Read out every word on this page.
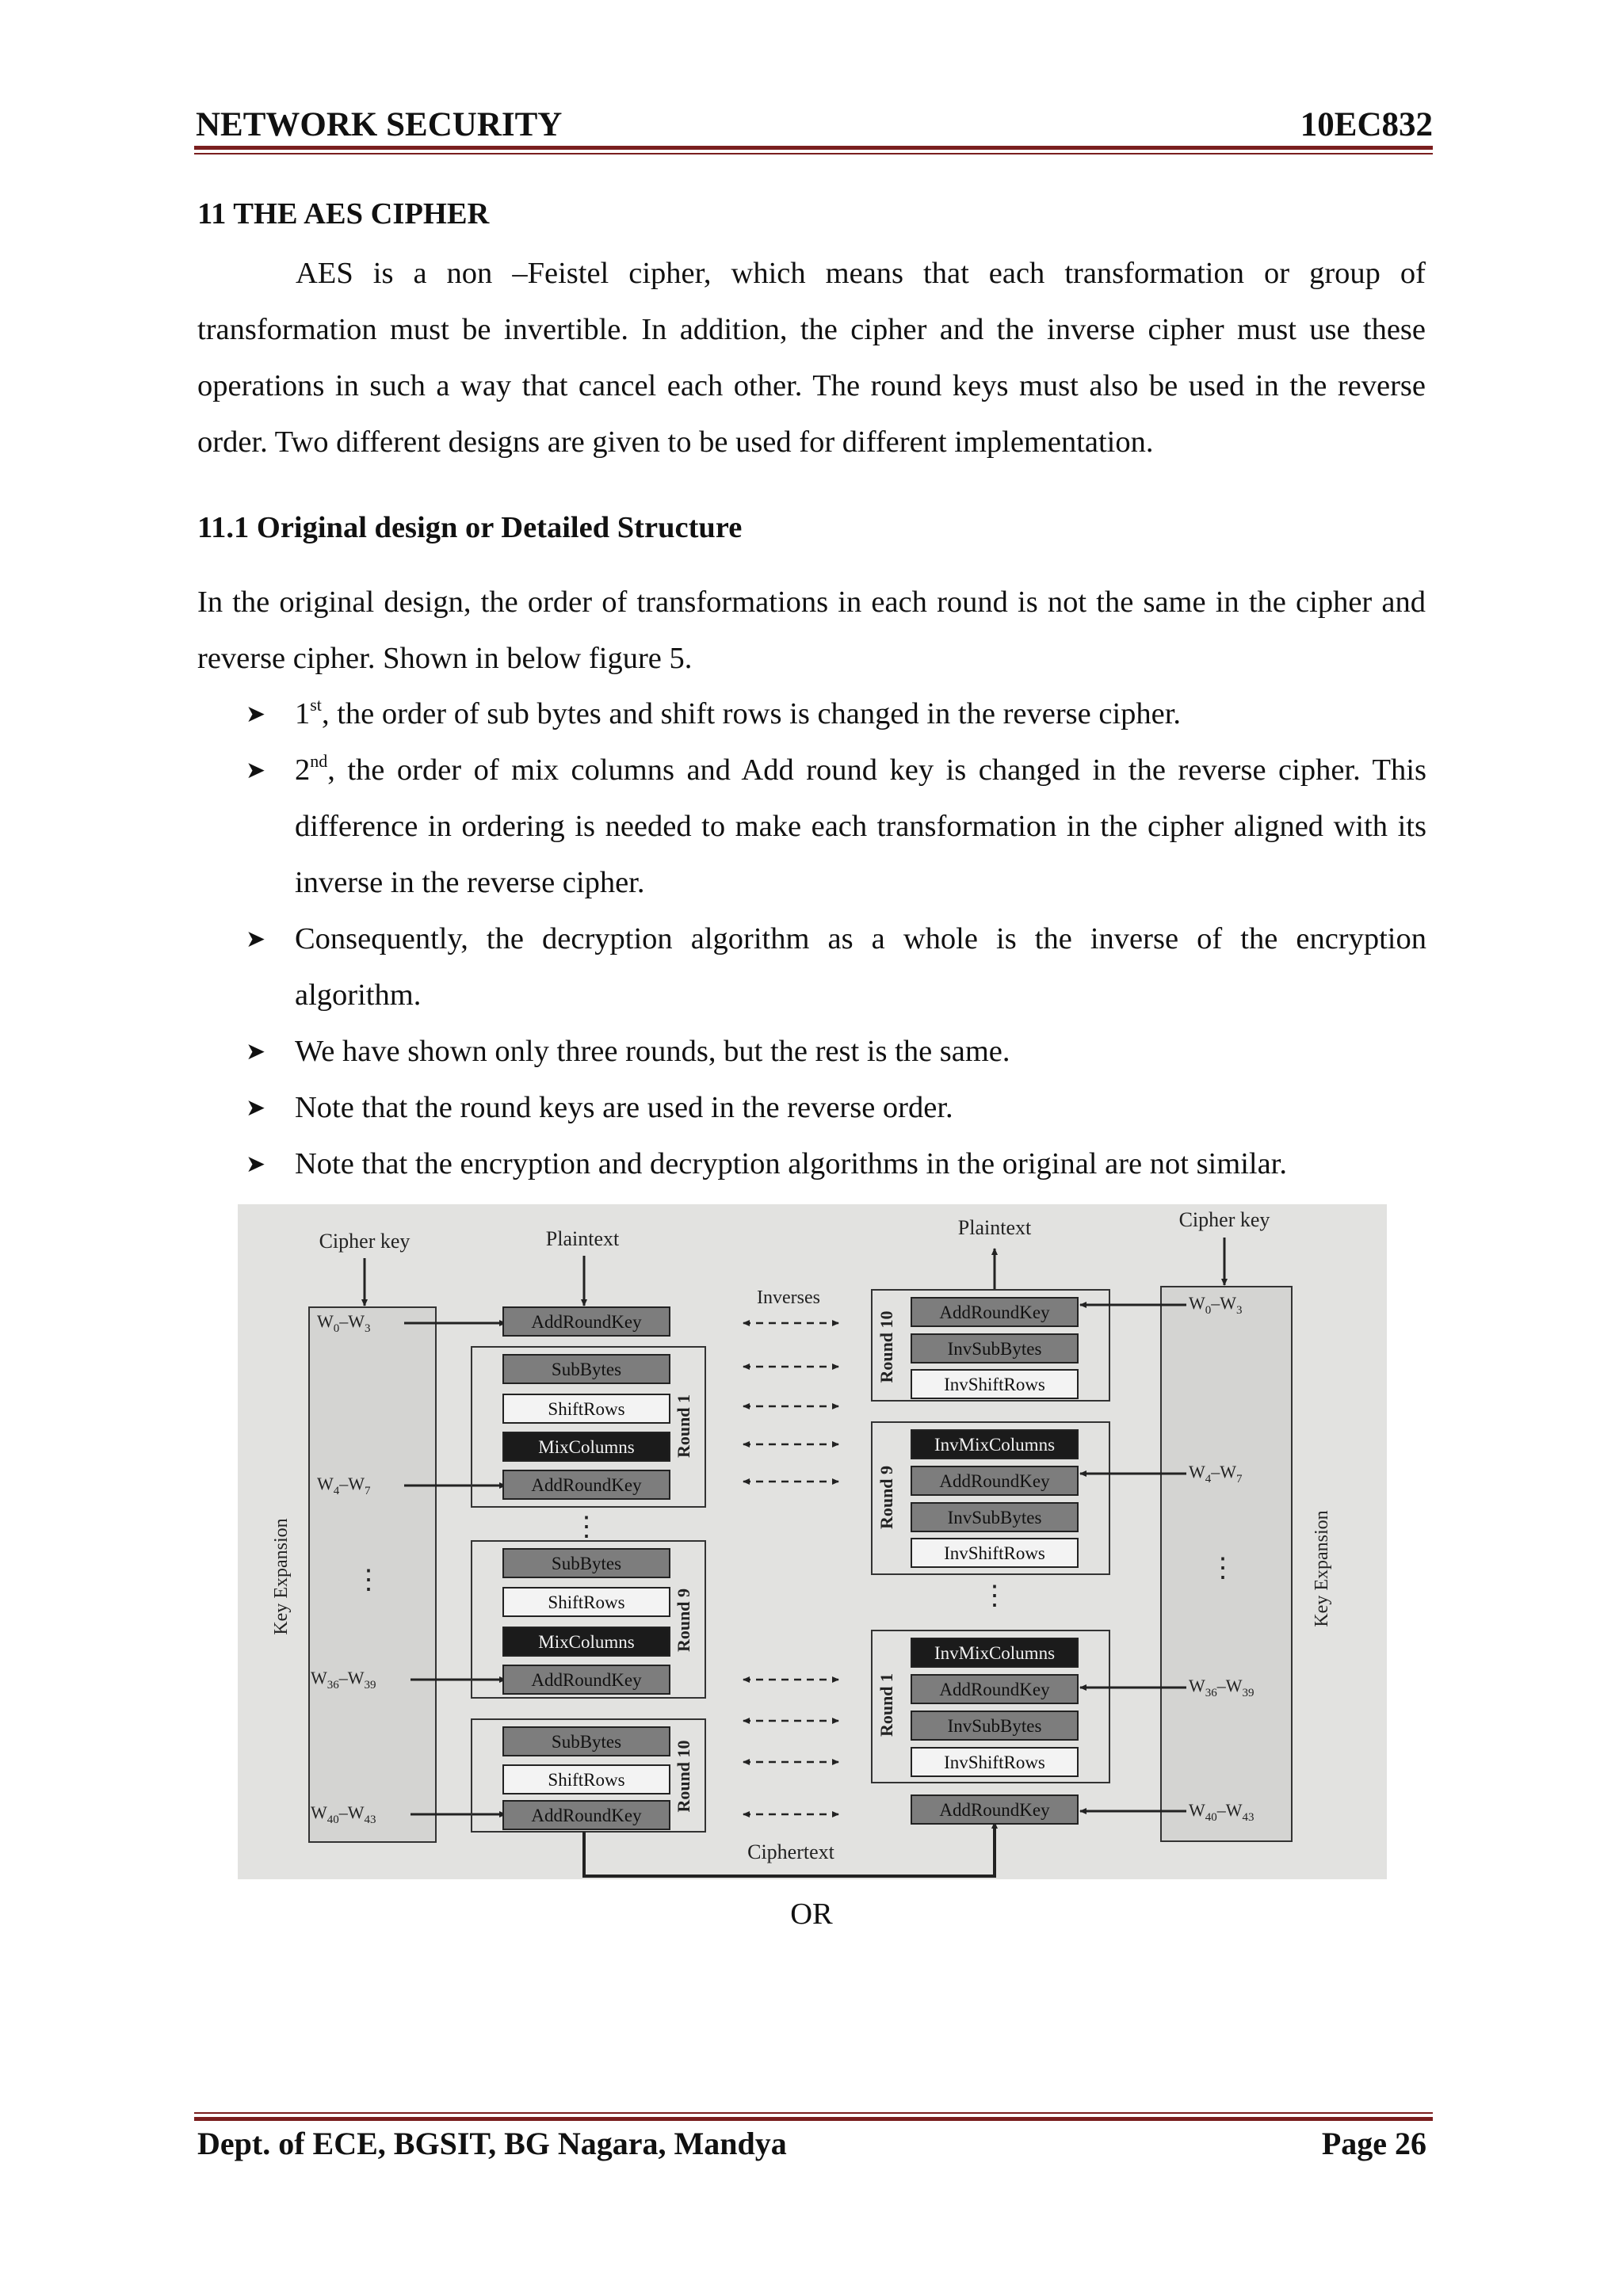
NETWORK SECURITY	10EC832
11 THE AES CIPHER
AES is a non –Feistel cipher, which means that each transformation or group of transformation must be invertible. In addition, the cipher and the inverse cipher must use these operations in such a way that cancel each other. The round keys must also be used in the reverse order. Two different designs are given to be used for different implementation.
11.1 Original design or Detailed Structure
In the original design, the order of transformations in each round is not the same in the cipher and reverse cipher. Shown in below figure 5.
➤ 1st, the order of sub bytes and shift rows is changed in the reverse cipher.
➤ 2nd, the order of mix columns and Add round key is changed in the reverse cipher. This difference in ordering is needed to make each transformation in the cipher aligned with its inverse in the reverse cipher.
➤ Consequently, the decryption algorithm as a whole is the inverse of the encryption algorithm.
➤ We have shown only three rounds, but the rest is the same.
➤ Note that the round keys are used in the reverse order.
➤ Note that the encryption and decryption algorithms in the original are not similar.
Cipher key
Key Expansion ⋮
$W_0-W_3$
$W_4-W_7$
$W_{36}-W_{39}$
$W_{40}-W_{43}$
Plaintext
AddRoundKey
Round 1
SubBytes
ShiftRows
MixColumns
AddRoundKey
⋮
Round 9
SubBytes
ShiftRows
MixColumns
AddRoundKey
Round 10
SubBytes
ShiftRows
AddRoundKey
Ciphertext
Inverses
Plaintext
Round 10 AddRoundKey
InvSubBytes
InvShiftRows
Round 9
InvMixColumns
AddRoundKey
InvSubBytes
InvShiftRows
⋮
Round 1
InvMixColumns
AddRoundKey
InvSubBytes
InvShiftRows
AddRoundKey
Cipher key
Key Expansion
⋮
$W_0-W_3$
$W_4-W_7$
$W_{36}-W_{39}$
$W_{40}-W_{43}$
OR
Dept. of ECE, BGSIT, BG Nagara, Mandya	Page 26
